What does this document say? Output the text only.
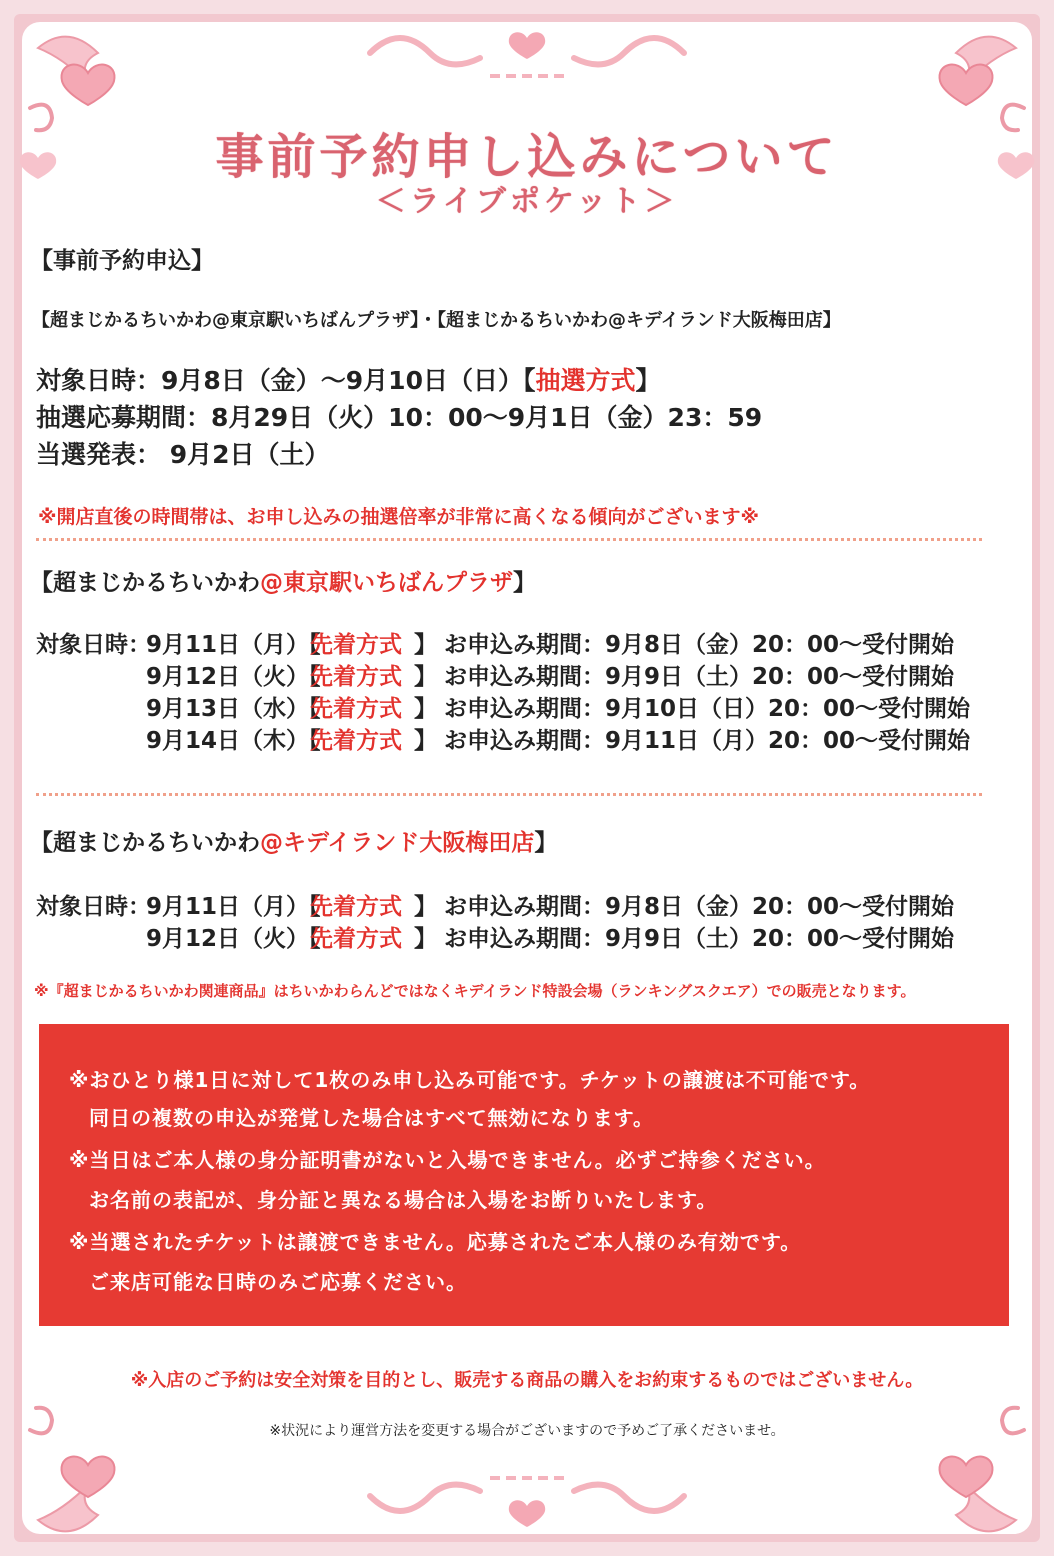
事前予約申し込みについて
＜ライブポケット＞
【事前予約申込】
【超まじかるちいかわ@東京駅いちばんプラザ】・【超まじかるちいかわ@キデイランド大阪梅田店】
対象日時：9月8日（金）～9月10日（日）【抽選方式】
抽選応募期間：8月29日（火）10：00～9月1日（金）23：59
当選発表： 9月2日（土）
※開店直後の時間帯は、お申し込みの抽選倍率が非常に高くなる傾向がございます※
【超まじかるちいかわ@東京駅いちばんプラザ】
対象日時：
9月11日（月）【
先着方式 】 お申込み期間：9月8日（金）20：00～受付開始
9月12日（火）【
先着方式 】 お申込み期間：9月9日（土）20：00～受付開始
9月13日（水）【
先着方式 】 お申込み期間：9月10日（日）20：00～受付開始
9月14日（木）【
先着方式 】 お申込み期間：9月11日（月）20：00～受付開始
【超まじかるちいかわ@キデイランド大阪梅田店】
対象日時：
9月11日（月）【
先着方式 】 お申込み期間：9月8日（金）20：00～受付開始
9月12日（火）【
先着方式 】 お申込み期間：9月9日（土）20：00～受付開始
※『超まじかるちいかわ関連商品』はちいかわらんどではなくキデイランド特設会場（ランキングスクエア）での販売となります。
※おひとり様1日に対して1枚のみ申し込み可能です。チケットの譲渡は不可能です。
同日の複数の申込が発覚した場合はすべて無効になります。
※当日はご本人様の身分証明書がないと入場できません。必ずご持参ください。
お名前の表記が、身分証と異なる場合は入場をお断りいたします。
※当選されたチケットは譲渡できません。応募されたご本人様のみ有効です。
ご来店可能な日時のみご応募ください。
※入店のご予約は安全対策を目的とし、販売する商品の購入をお約束するものではございません。
※状況により運営方法を変更する場合がございますので予めご了承くださいませ。
